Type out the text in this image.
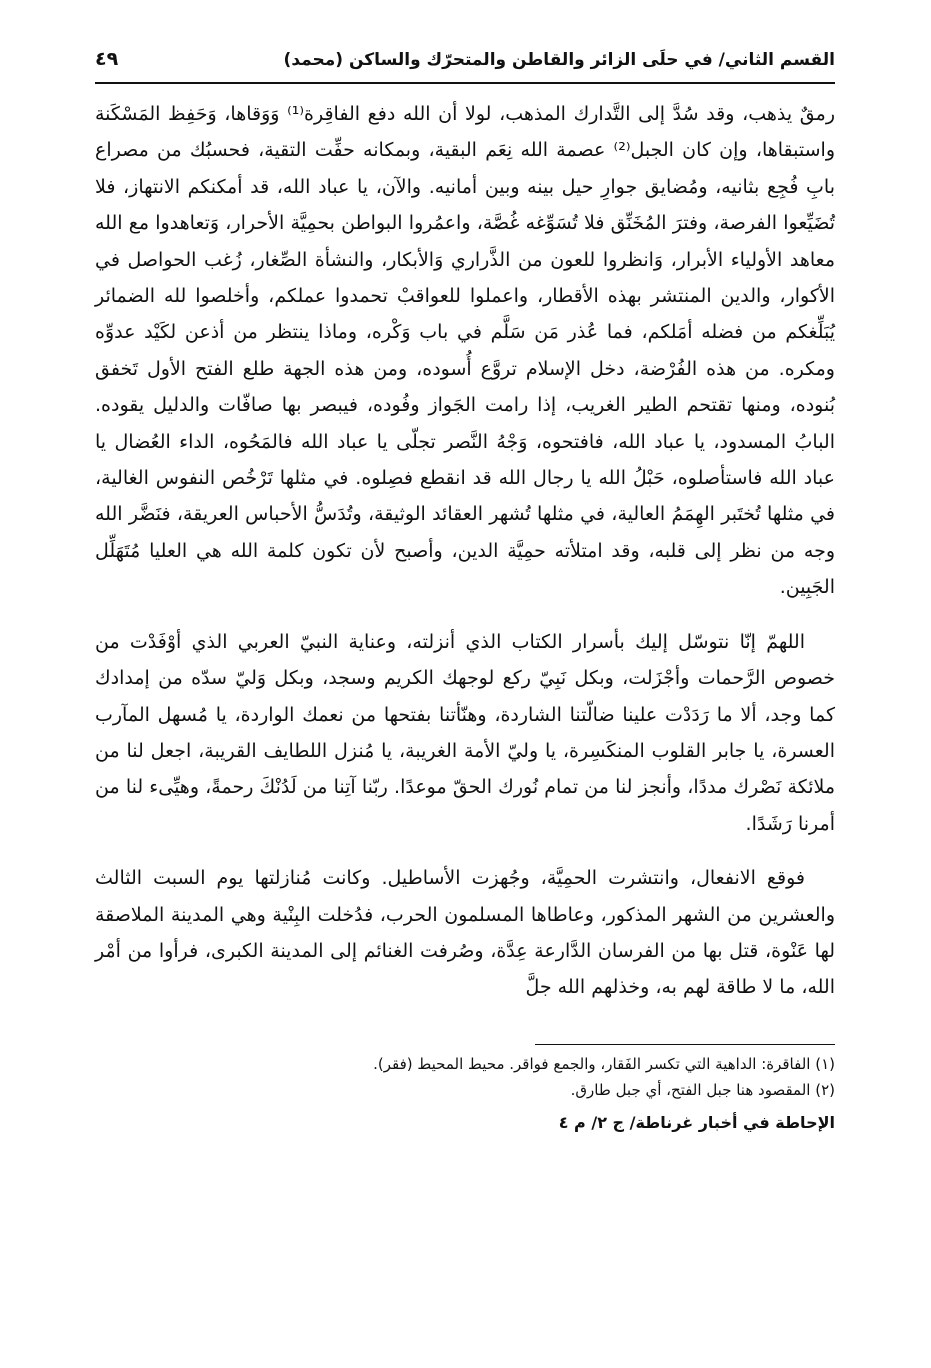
القسم الثاني/ في حلَى الزائر والقاطن والمتحرّك والساكن (محمد)
٤٩

رمقٌ يذهب، وقد سُدَّ إلى التَّدارك المذهب، لولا أن الله دفع الفاقِرة⁽¹⁾ وَوَقاها، وَحَفِظ المَسْكَنة واستبقاها، وإن كان الجبل⁽²⁾ عصمة الله نِعَم البقية، وبمكانه حفِّت التقية، فحسبُك من مصراع بابِ فُجِع بثانيه، ومُضايق جوارِ حيل بينه وبين أمانيه. والآن، يا عباد الله، قد أمكنكم الانتهاز، فلا تُضَيِّعوا الفرصة، وفترَ المُخَنِّق فلا تُسَوِّغه غُصَّة، واعمُروا البواطن بحمِيَّة الأحرار، وَتعاهدوا مع الله معاهد الأولياء الأبرار، وَانظروا للعون من الذَّراري وَالأبكار، والنشأة الصِّغار، زُغب الحواصل في الأكوار، والدين المنتشر بهذه الأقطار، واعملوا للعواقبْ تحمدوا عملكم، وأخلصوا لله الضمائر يُبَلِّغكم من فضله أمَلكم، فما عُذر مَن سَلَّم في باب وَكْره، وماذا ينتظر من أذعن لكَيْد عدوِّه ومكره. من هذه الفُرْضة، دخل الإسلام تروَّع أُسوده، ومن هذه الجهة طلع الفتح الأول تَخفق بُنوده، ومنها تقتحم الطير الغريب، إذا رامت الجَواز وفُوده، فيبصر بها صافّات والدليل يقوده. البابُ المسدود، يا عباد الله، فافتحوه، وَجْهُ النَّصر تجلّى يا عباد الله فالمَحُوه، الداء العُضال يا عباد الله فاستأصلوه، حَبْلُ الله يا رجال الله قد انقطع فصِلوه. في مثلها تَرْخُص النفوس الغالية، في مثلها تُختَبر الهِمَمُ العالية، في مثلها تُشهر العقائد الوثيقة، وتُدَسُّ الأحباس العريقة، فنَضَّر الله وجه من نظر إلى قلبه، وقد امتلأته حمِيَّة الدين، وأصبح لأن تكون كلمة الله هي العليا مُتَهَلِّل الجَبِين.

اللهمّ إنّا نتوسّل إليك بأسرار الكتاب الذي أنزلته، وعناية النبيّ العربي الذي أوْفَدْت من خصوص الرَّحمات وأجْزَلت، وبكل نَبِيّ ركع لوجهك الكريم وسجد، وبكل وَليّ سدّه من إمدادك كما وجد، ألا ما رَدَدْت علينا ضالّتنا الشاردة، وهنّأتنا بفتحها من نعمك الواردة، يا مُسهل المآرب العسرة، يا جابر القلوب المنكَسِرة، يا وليّ الأمة الغريبة، يا مُنزل اللطايف القريبة، اجعل لنا من ملائكة نَصْرك مددًا، وأنجز لنا من تمام نُورك الحقّ موعدًا. ربّنا آتِنا من لَدُنْكَ رحمةً، وهيِّىء لنا من أمرنا رَشَدًا.

فوقع الانفعال، وانتشرت الحمِيَّة، وجُهزت الأساطيل. وكانت مُنازلتها يوم السبت الثالث والعشرين من الشهر المذكور، وعاطاها المسلمون الحرب، فدُخلت البِنْية وهي المدينة الملاصقة لها عَنْوة، قتل بها من الفرسان الدَّارعة عِدَّة، وصُرفت الغنائم إلى المدينة الكبرى، فرأوا من أمْر الله، ما لا طاقة لهم به، وخذلهم الله جلَّ

(١) الفاقرة: الداهية التي تكسر الفَقار، والجمع فواقر. محيط المحيط (فقر).

(٢) المقصود هنا جبل الفتح، أي جبل طارق.

الإحاطة في أخبار غرناطة/ ج ٢/ م ٤
